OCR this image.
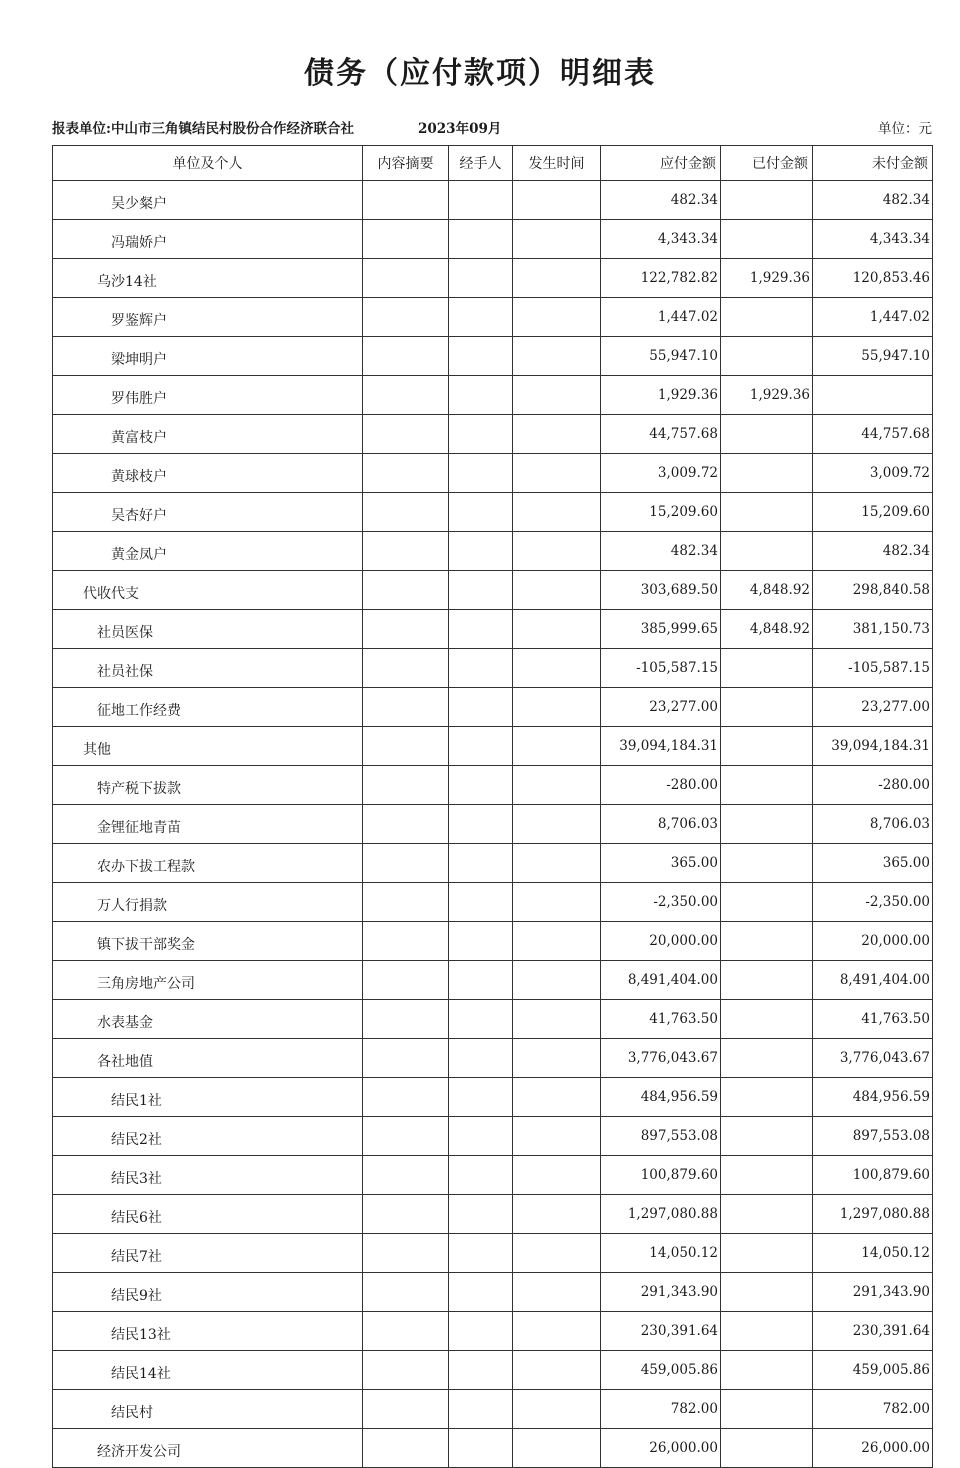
债务（应付款项）明细表
报表单位:中山市三角镇结民村股份合作经济联合社	2023年09月	单位：元
单位及个人	内容摘要	经手人	发生时间	应付金额	已付金额	未付金额
吴少粲户				482.34		482.34
冯瑞娇户				4,343.34		4,343.34
乌沙14社				122,782.82	1,929.36	120,853.46
罗鉴辉户				1,447.02		1,447.02
梁坤明户				55,947.10		55,947.10
罗伟胜户				1,929.36	1,929.36	
黄富枝户				44,757.68		44,757.68
黄球枝户				3,009.72		3,009.72
吴杏好户				15,209.60		15,209.60
黄金凤户				482.34		482.34
代收代支				303,689.50	4,848.92	298,840.58
社员医保				385,999.65	4,848.92	381,150.73
社员社保				-105,587.15		-105,587.15
征地工作经费				23,277.00		23,277.00
其他				39,094,184.31		39,094,184.31
特产税下拔款				-280.00		-280.00
金锂征地青苗				8,706.03		8,706.03
农办下拔工程款				365.00		365.00
万人行捐款				-2,350.00		-2,350.00
镇下拔干部奖金				20,000.00		20,000.00
三角房地产公司				8,491,404.00		8,491,404.00
水表基金				41,763.50		41,763.50
各社地值				3,776,043.67		3,776,043.67
结民1社				484,956.59		484,956.59
结民2社				897,553.08		897,553.08
结民3社				100,879.60		100,879.60
结民6社				1,297,080.88		1,297,080.88
结民7社				14,050.12		14,050.12
结民9社				291,343.90		291,343.90
结民13社				230,391.64		230,391.64
结民14社				459,005.86		459,005.86
结民村				782.00		782.00
经济开发公司				26,000.00		26,000.00
